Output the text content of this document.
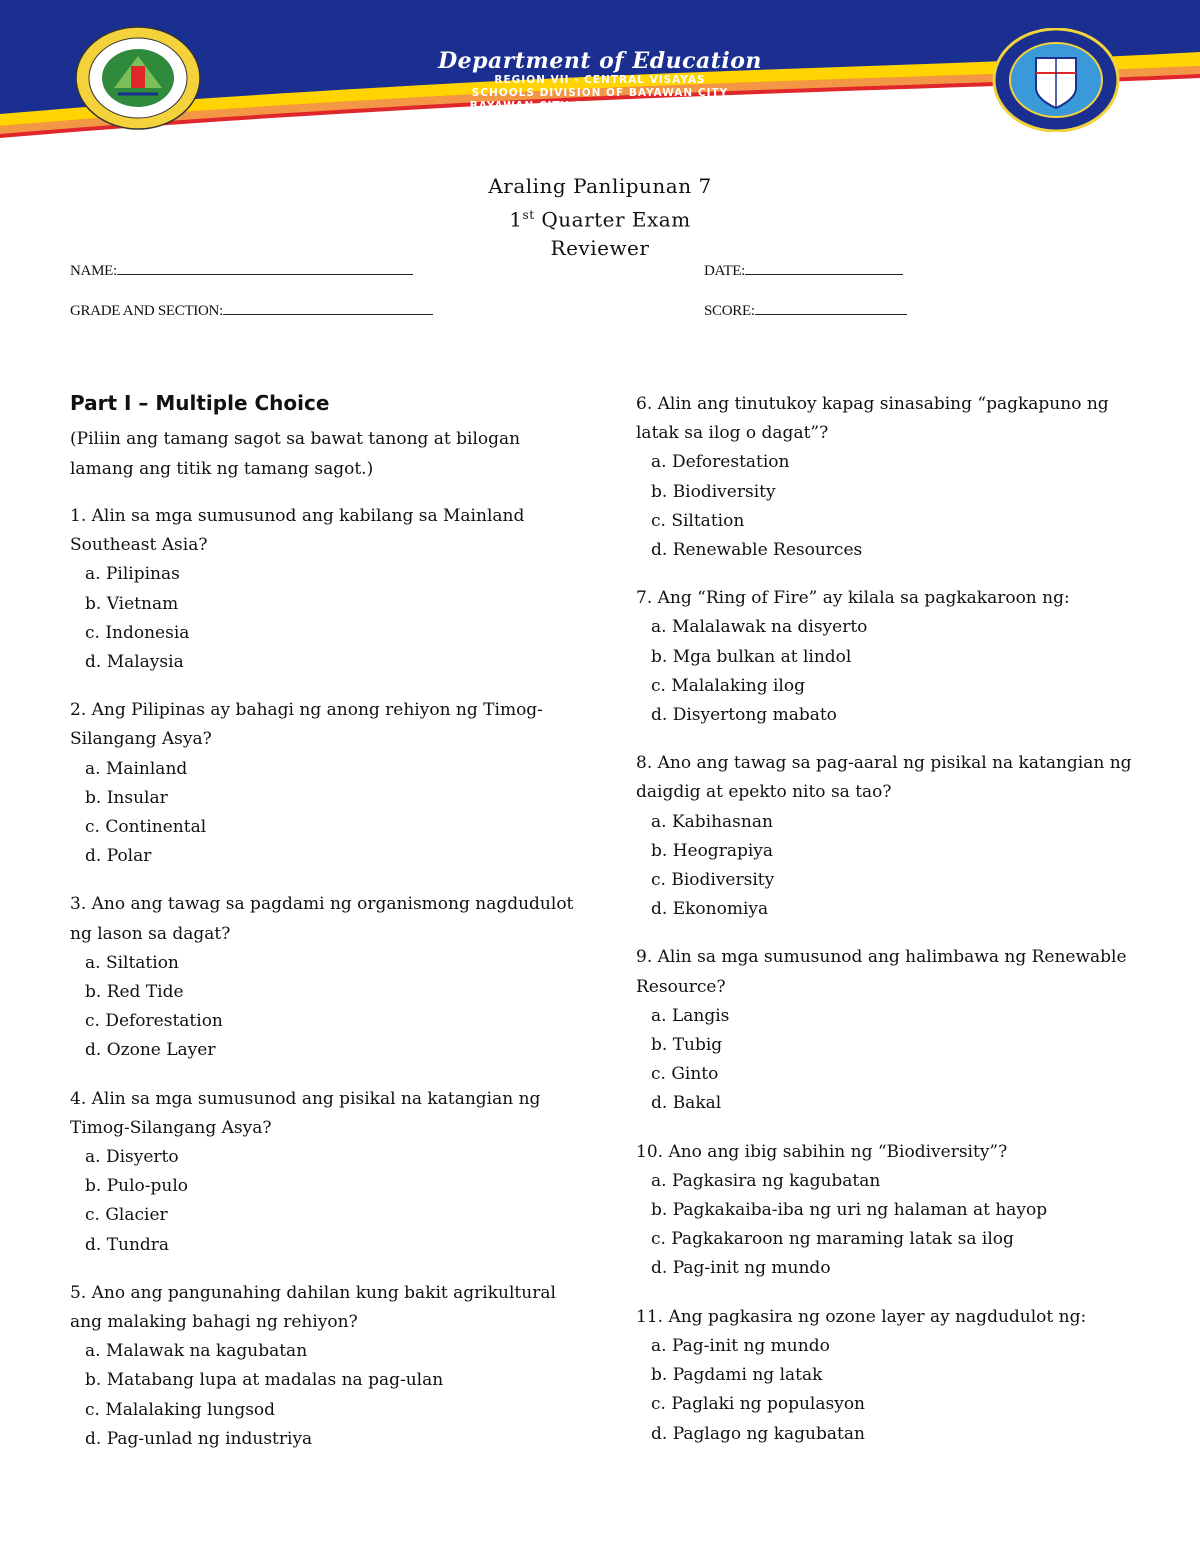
Department of Education
REGION VII - CENTRAL VISAYAS
SCHOOLS DIVISION OF BAYAWAN CITY
BAYAWAN CITY SCHOOL FOR THE ARTS
Araling Panlipunan 7
1st Quarter Exam
Reviewer
NAME:	DATE:
GRADE AND SECTION:	SCORE:
Part I – Multiple Choice
(Piliin ang tamang sagot sa bawat tanong at bilogan lamang ang titik ng tamang sagot.)
1. Alin sa mga sumusunod ang kabilang sa Mainland Southeast Asia?
a. Pilipinas
b. Vietnam
c. Indonesia
d. Malaysia
2. Ang Pilipinas ay bahagi ng anong rehiyon ng Timog-Silangang Asya?
a. Mainland
b. Insular
c. Continental
d. Polar
3. Ano ang tawag sa pagdami ng organismong nagdudulot ng lason sa dagat?
a. Siltation
b. Red Tide
c. Deforestation
d. Ozone Layer
4. Alin sa mga sumusunod ang pisikal na katangian ng Timog-Silangang Asya?
a. Disyerto
b. Pulo-pulo
c. Glacier
d. Tundra
5. Ano ang pangunahing dahilan kung bakit agrikultural ang malaking bahagi ng rehiyon?
a. Malawak na kagubatan
b. Matabang lupa at madalas na pag-ulan
c. Malalaking lungsod
d. Pag-unlad ng industriya
6. Alin ang tinutukoy kapag sinasabing “pagkapuno ng latak sa ilog o dagat”?
a. Deforestation
b. Biodiversity
c. Siltation
d. Renewable Resources
7. Ang “Ring of Fire” ay kilala sa pagkakaroon ng:
a. Malalawak na disyerto
b. Mga bulkan at lindol
c. Malalaking ilog
d. Disyertong mabato
8. Ano ang tawag sa pag-aaral ng pisikal na katangian ng daigdig at epekto nito sa tao?
a. Kabihasnan
b. Heograpiya
c. Biodiversity
d. Ekonomiya
9. Alin sa mga sumusunod ang halimbawa ng Renewable Resource?
a. Langis
b. Tubig
c. Ginto
d. Bakal
10. Ano ang ibig sabihin ng “Biodiversity”?
a. Pagkasira ng kagubatan
b. Pagkakaiba-iba ng uri ng halaman at hayop
c. Pagkakaroon ng maraming latak sa ilog
d. Pag-init ng mundo
11. Ang pagkasira ng ozone layer ay nagdudulot ng:
a. Pag-init ng mundo
b. Pagdami ng latak
c. Paglaki ng populasyon
d. Paglago ng kagubatan
